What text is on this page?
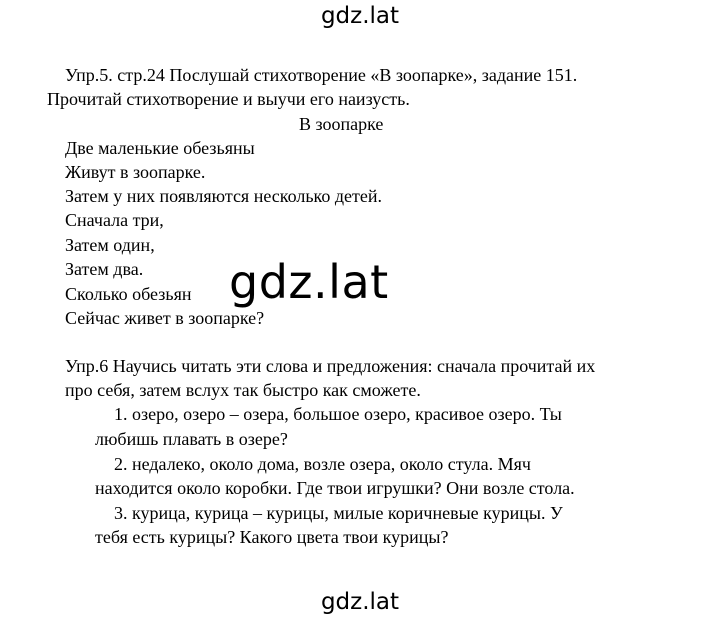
gdz.lat
Упр.5. стр.24 Послушай стихотворение «В зоопарке», задание 151.
Прочитай стихотворение и выучи его наизусть.
В зоопарке
Две маленькие обезьяны
Живут в зоопарке.
Затем у них появляются несколько детей.
Сначала три,
Затем один,
Затем два.
Сколько обезьян
Сейчас живет в зоопарке?
gdz.lat
Упр.6 Научись читать эти слова и предложения: сначала прочитай их
про себя, затем вслух так быстро как сможете.
1. озеро, озеро – озера, большое озеро, красивое озеро. Ты
любишь плавать в озере?
2. недалеко, около дома, возле озера, около стула. Мяч
находится около коробки. Где твои игрушки? Они возле стола.
3. курица, курица – курицы, милые коричневые курицы. У
тебя есть курицы? Какого цвета твои курицы?
gdz.lat
